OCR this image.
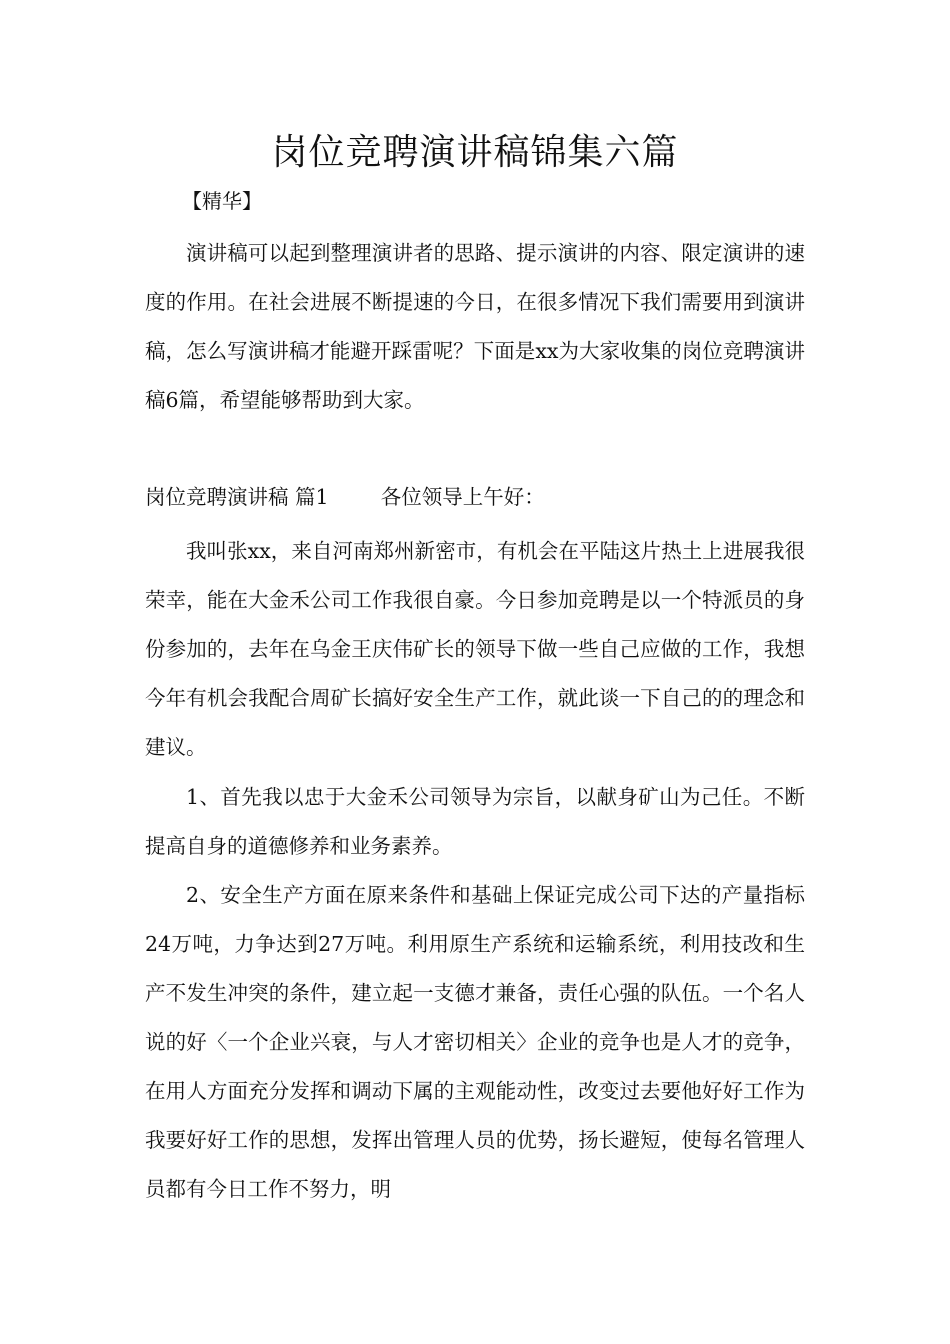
岗位竞聘演讲稿锦集六篇

【精华】

演讲稿可以起到整理演讲者的思路、提示演讲的内容、限定演讲的速度的作用。在社会进展不断提速的今日，在很多情况下我们需要用到演讲稿，怎么写演讲稿才能避开踩雷呢？下面是xx为大家收集的岗位竞聘演讲稿6篇，希望能够帮助到大家。

岗位竞聘演讲稿 篇1	各位领导上午好：

我叫张xx，来自河南郑州新密市，有机会在平陆这片热土上进展我很荣幸，能在大金禾公司工作我很自豪。今日参加竞聘是以一个特派员的身份参加的，去年在乌金王庆伟矿长的领导下做一些自己应做的工作，我想今年有机会我配合周矿长搞好安全生产工作，就此谈一下自己的的理念和建议。

1、首先我以忠于大金禾公司领导为宗旨，以献身矿山为己任。不断提高自身的道德修养和业务素养。

2、安全生产方面在原来条件和基础上保证完成公司下达的产量指标24万吨，力争达到27万吨。利用原生产系统和运输系统，利用技改和生产不发生冲突的条件，建立起一支德才兼备，责任心强的队伍。一个名人说的好〈一个企业兴衰，与人才密切相关〉企业的竞争也是人才的竞争，在用人方面充分发挥和调动下属的主观能动性，改变过去要他好好工作为我要好好工作的思想，发挥出管理人员的优势，扬长避短，使每名管理人员都有今日工作不努力，明
